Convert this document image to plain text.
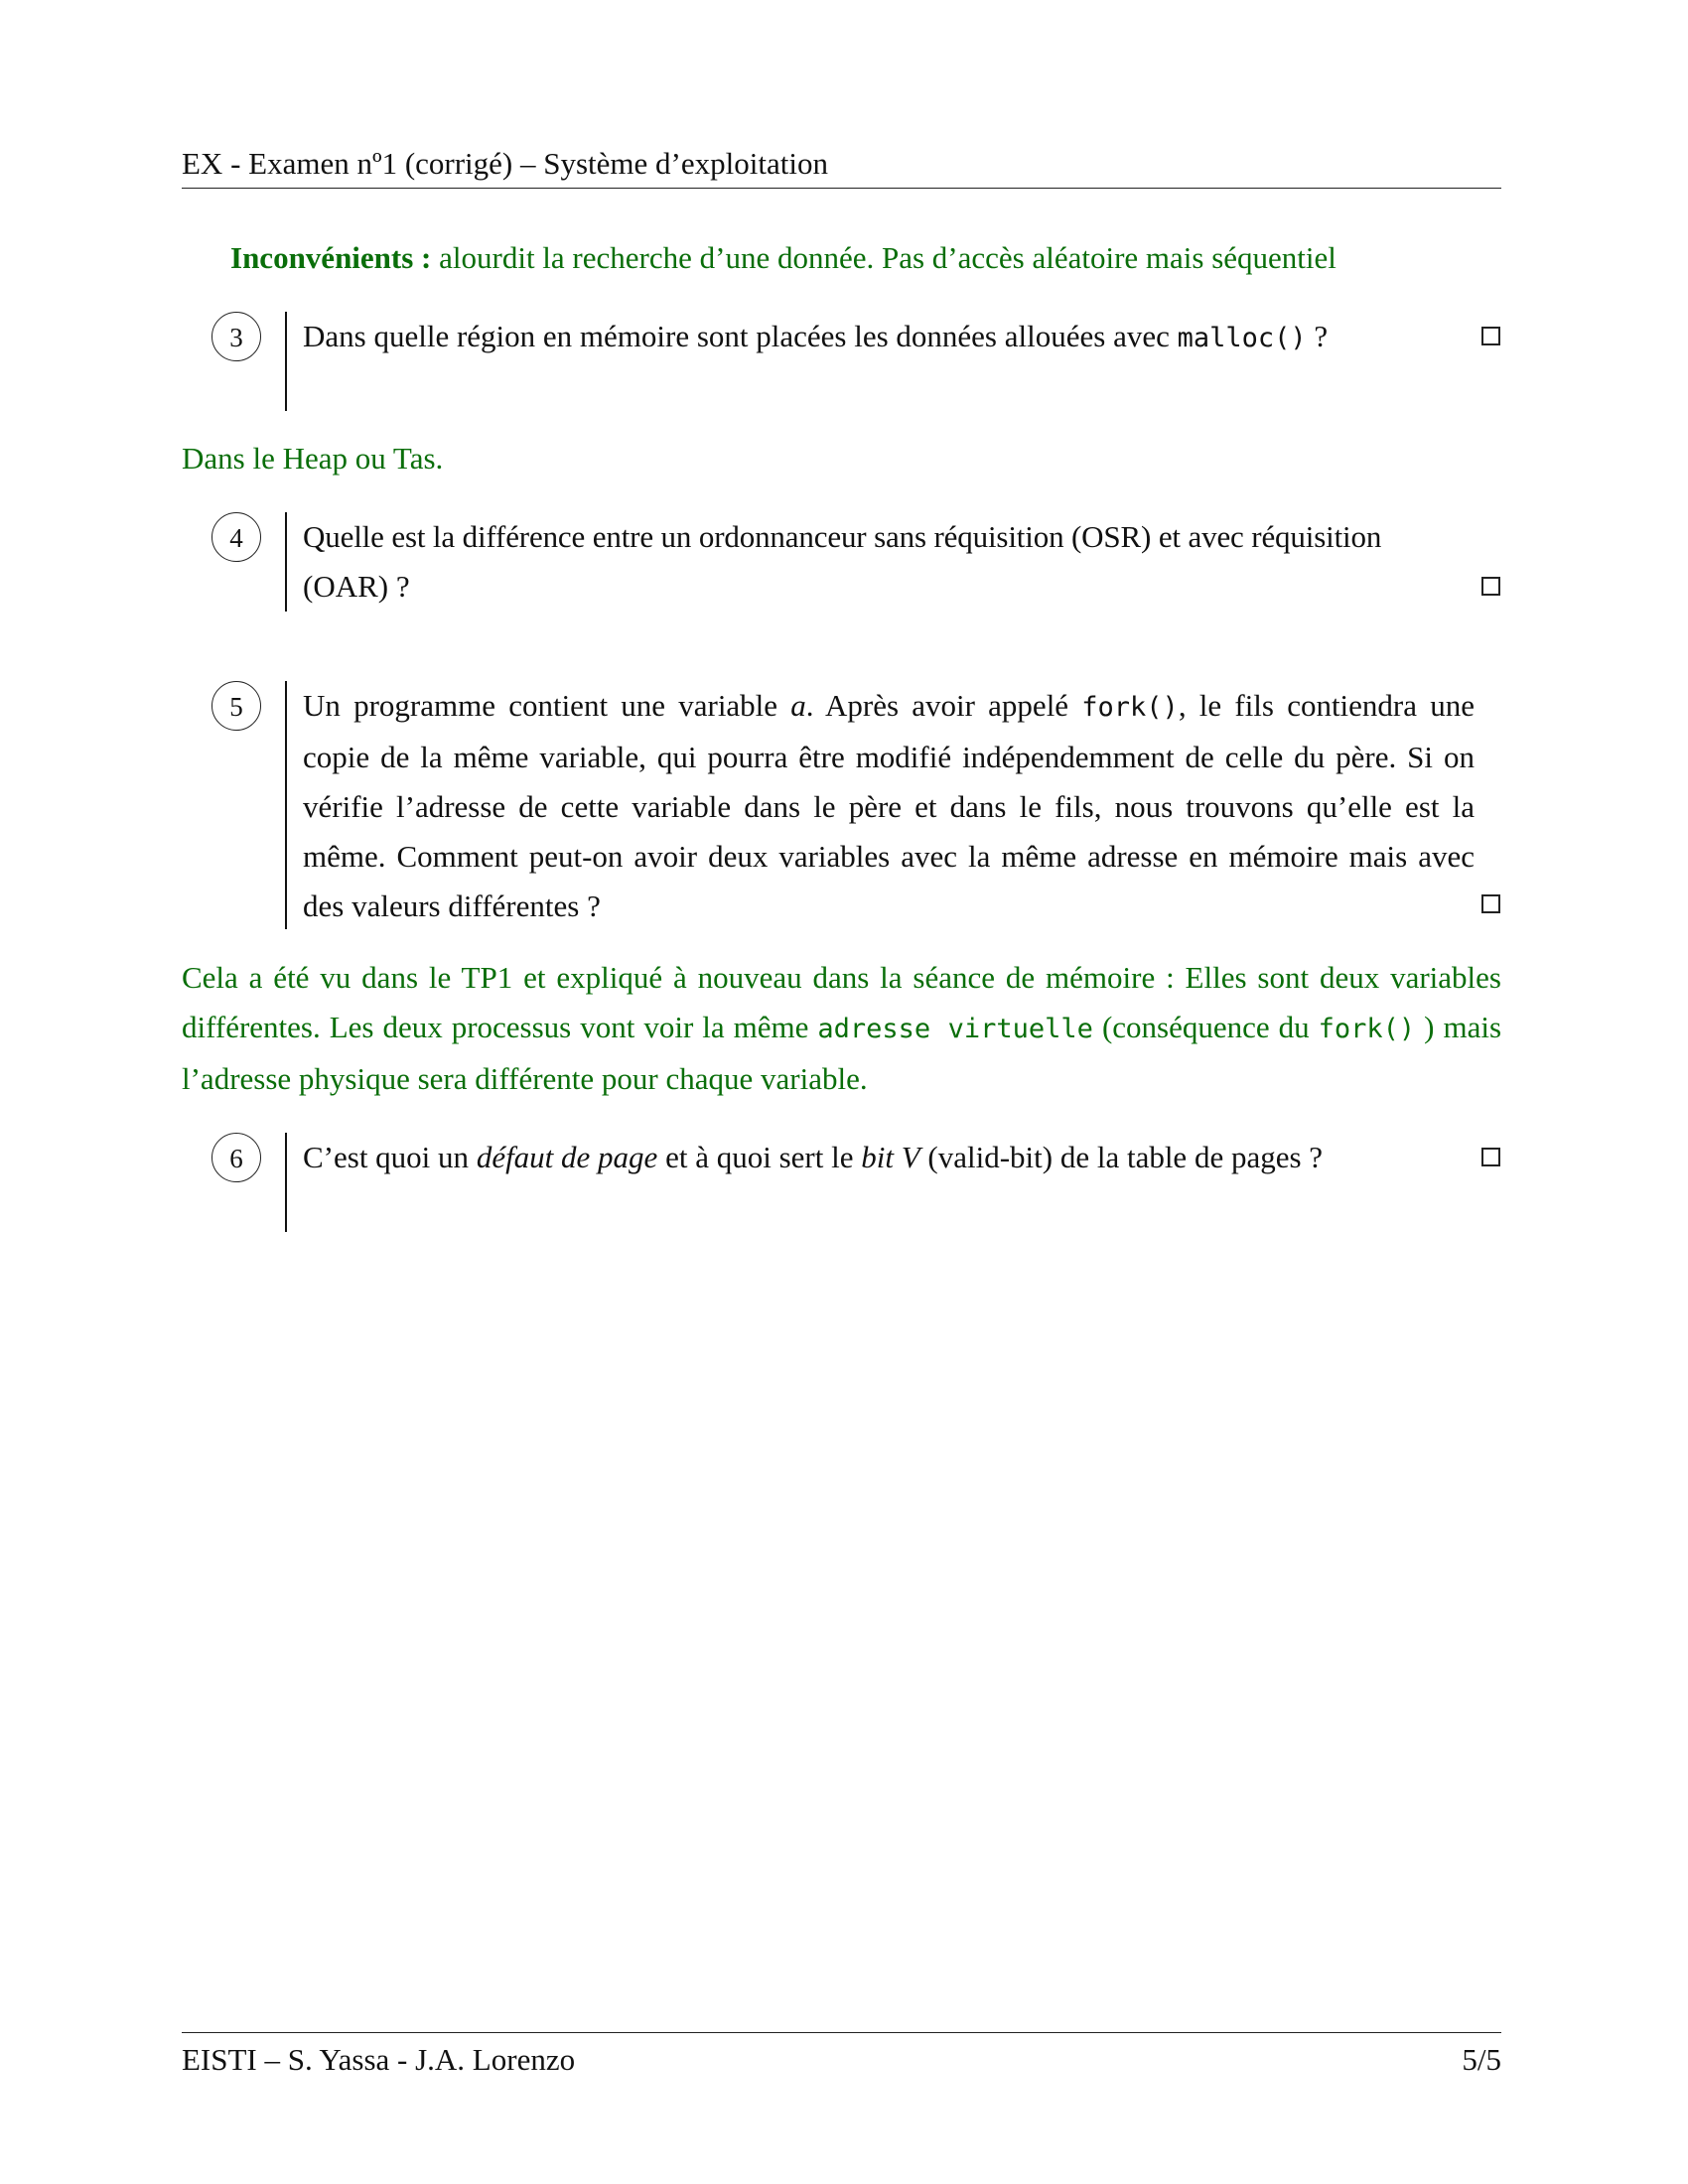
EX - Examen nº1 (corrigé) – Système d’exploitation
Inconvénients : alourdit la recherche d’une donnée. Pas d’accès aléatoire mais séquentiel
3	Dans quelle région en mémoire sont placées les données allouées avec malloc() ?
Dans le Heap ou Tas.
4	Quelle est la différence entre un ordonnanceur sans réquisition (OSR) et avec réquisition
(OAR) ?
5	Un programme contient une variable a. Après avoir appelé fork(), le fils contiendra une copie de la même variable, qui pourra être modifié indépendemment de celle du père. Si on vérifie l’adresse de cette variable dans le père et dans le fils, nous trouvons qu’elle est la même. Comment peut-on avoir deux variables avec la même adresse en mémoire mais avec des valeurs différentes ?
Cela a été vu dans le TP1 et expliqué à nouveau dans la séance de mémoire : Elles sont deux variables différentes. Les deux processus vont voir la même adresse virtuelle (conséquence du fork() ) mais l’adresse physique sera différente pour chaque variable.
6	C’est quoi un défaut de page et à quoi sert le bit V (valid-bit) de la table de pages ?
EISTI – S. Yassa - J.A. Lorenzo	5/5
